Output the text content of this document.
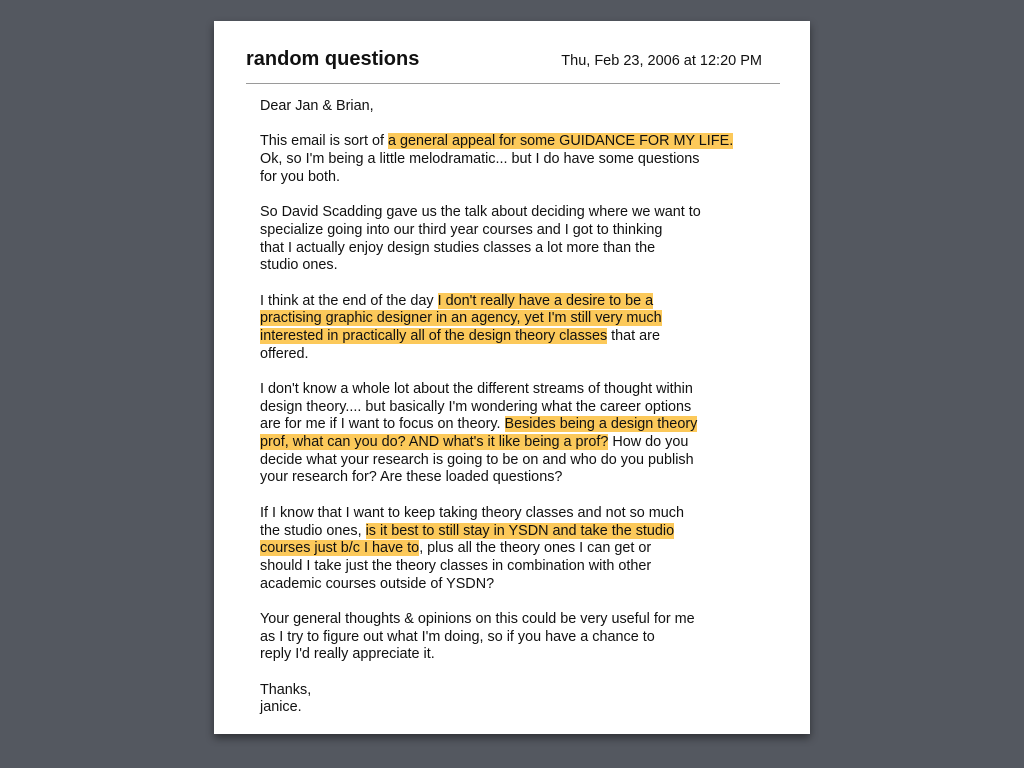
random questions	Thu, Feb 23, 2006 at 12:20 PM
Dear Jan & Brian,
This email is sort of a general appeal for some GUIDANCE FOR MY LIFE.
Ok, so I'm being a little melodramatic... but I do have some questions
for you both.
So David Scadding gave us the talk about deciding where we want to
specialize going into our third year courses and I got to thinking
that I actually enjoy design studies classes a lot more than the
studio ones.
I think at the end of the day I don't really have a desire to be a
practising graphic designer in an agency, yet I'm still very much
interested in practically all of the design theory classes that are
offered.
I don't know a whole lot about the different streams of thought within
design theory.... but basically I'm wondering what the career options
are for me if I want to focus on theory. Besides being a design theory
prof, what can you do? AND what's it like being a prof? How do you
decide what your research is going to be on and who do you publish
your research for? Are these loaded questions?
If I know that I want to keep taking theory classes and not so much
the studio ones, is it best to still stay in YSDN and take the studio
courses just b/c I have to, plus all the theory ones I can get or
should I take just the theory classes in combination with other
academic courses outside of YSDN?
Your general thoughts & opinions on this could be very useful for me
as I try to figure out what I'm doing, so if you have a chance to
reply I'd really appreciate it.
Thanks,
janice.
